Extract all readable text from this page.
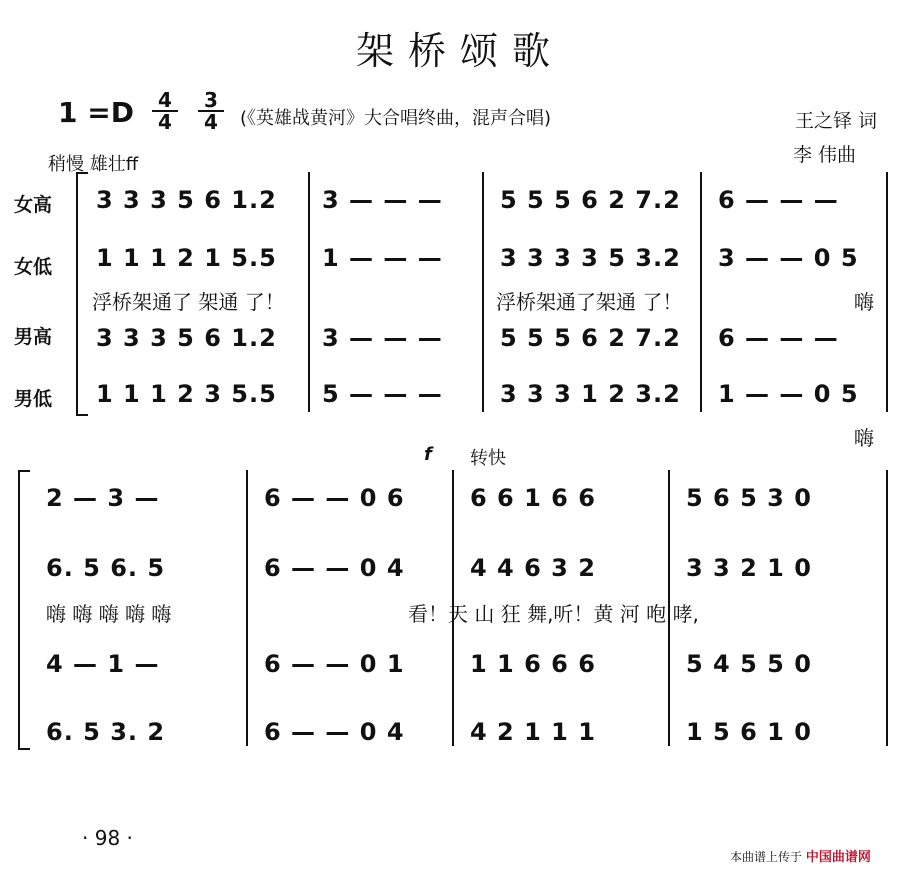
架桥颂歌
1 =D	4
4
3
4	(《英雄战黄河》大合唱终曲，混声合唱)	王之铎 词
李 伟曲
稍慢 雄壮ff
女高
女低
男高
男低
3 3 3 5 6 1.2 3 — — — 5 5 5 6 2 7.2 6 — — —
1 1 1 2 1 5.5 1 — — — 3 3 3 3 5 3.2 3 — — 0 5
浮桥架通了 架通 了！	浮桥架通了架通 了！	嗨
3 3 3 5 6 1.2 3 — — — 5 5 5 6 2 7.2 6 — — —
1 1 1 2 3 5.5 5 — — — 3 3 3 1 2 3.2 1 — — 0 5
嗨
f 转快
2 — 3 —	6 — — 0 6	6 6 1 6 6	5 6 5 3 0
6. 5 6. 5	6 — — 0 4	4 4 6 3 2	3 3 2 1 0
嗨 嗨 嗨 嗨 嗨	看！天 山 狂 舞,听！黄 河 咆 哮,
4 — 1 —	6 — — 0 1	1 1 6 6 6	5 4 5 5 0
6. 5 3. 2	6 — — 0 4	4 2 1 1 1	1 5 6 1 0
· 98 ·
本曲谱上传于 中国曲谱网
